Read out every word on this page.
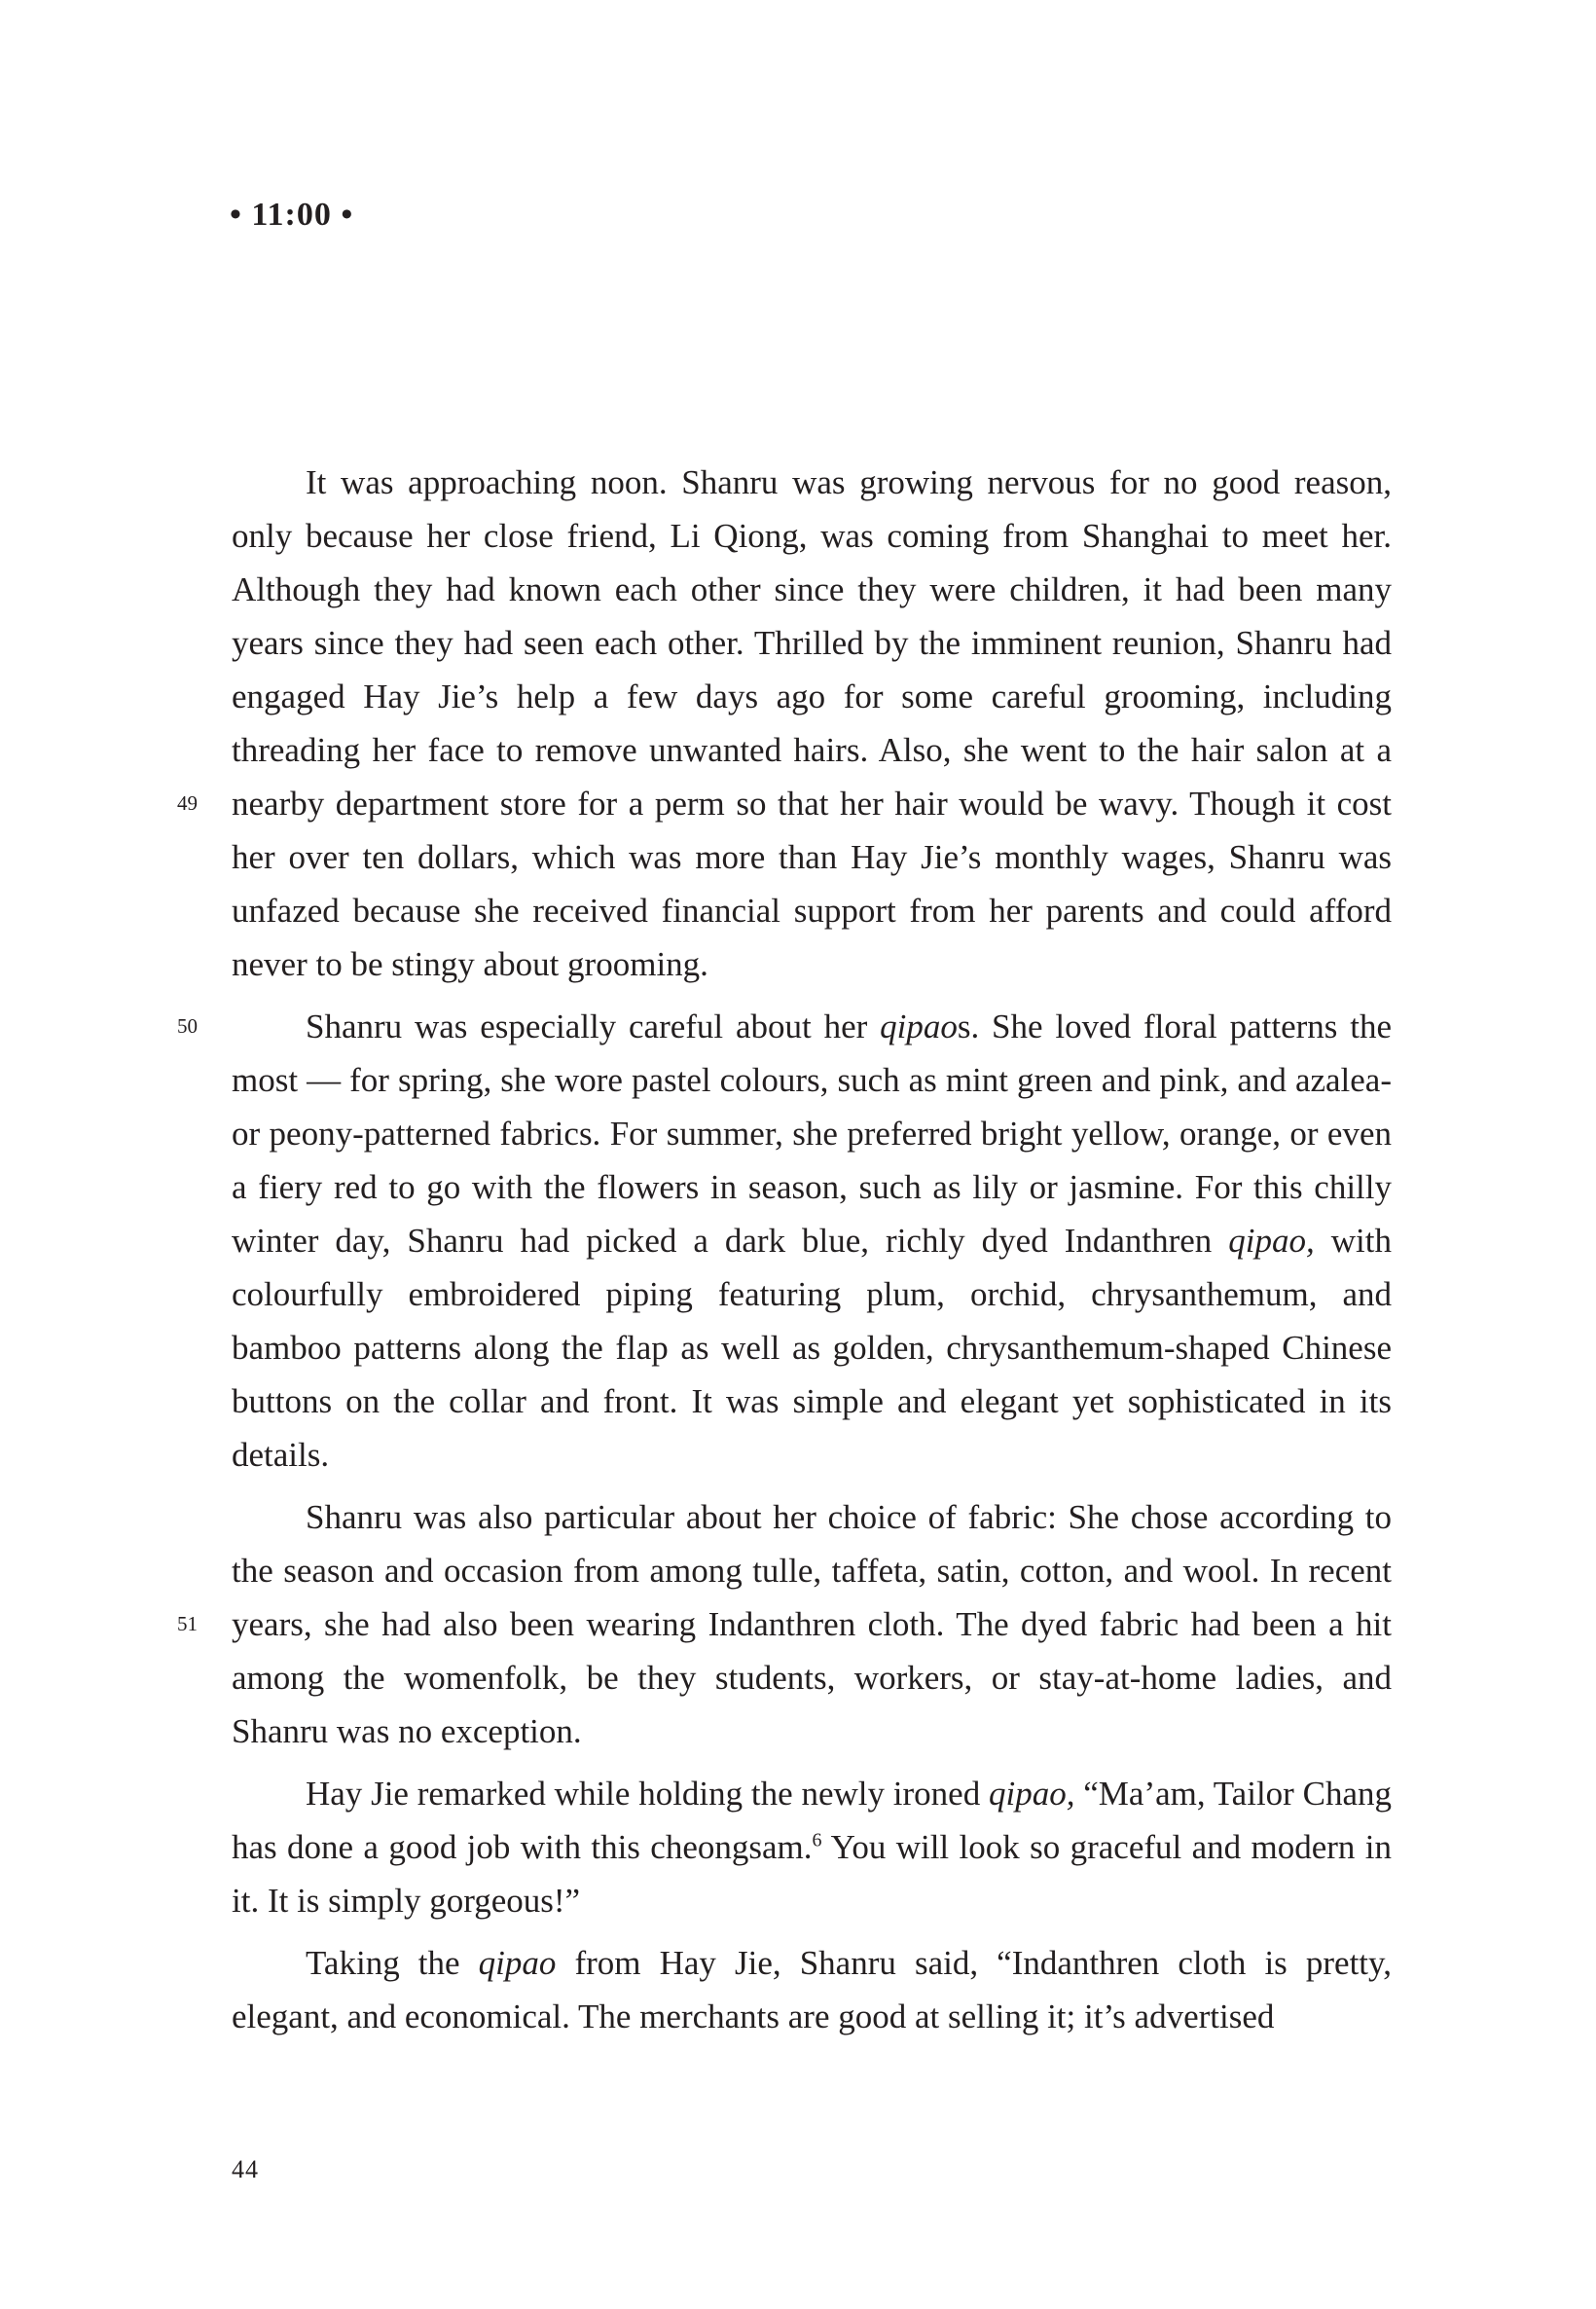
• 11:00 •

49
It was approaching noon. Shanru was growing nervous for no good reason, only because her close friend, Li Qiong, was coming from Shanghai to meet her. Although they had known each other since they were children, it had been many years since they had seen each other. Thrilled by the imminent reunion, Shanru had engaged Hay Jie’s help a few days ago for some careful grooming, including threading her face to remove unwanted hairs. Also, she went to the hair salon at a nearby department store for a perm so that her hair would be wavy. Though it cost her over ten dollars, which was more than Hay Jie’s monthly wages, Shanru was unfazed because she received financial support from her parents and could afford never to be stingy about grooming.

50	Shanru was especially careful about her qipaos. She loved floral patterns the most — for spring, she wore pastel colours, such as mint green and pink, and azalea- or peony-patterned fabrics. For summer, she preferred bright yellow, orange, or even a fiery red to go with the flowers in season, such as lily or jasmine. For this chilly winter day, Shanru had picked a dark blue, richly dyed Indanthren qipao, with colourfully embroidered piping featuring plum, orchid, chrysanthemum, and bamboo patterns along the flap as well as golden, chrysanthemum-shaped Chinese buttons on the collar and front. It was simple and elegant yet sophisticated in its details.

51
Shanru was also particular about her choice of fabric: She chose according to the season and occasion from among tulle, taffeta, satin, cotton, and wool. In recent years, she had also been wearing Indanthren cloth. The dyed fabric had been a hit among the womenfolk, be they students, workers, or stay-at-home ladies, and Shanru was no exception.

Hay Jie remarked while holding the newly ironed qipao, “Ma’am, Tailor Chang has done a good job with this cheongsam.$^6$ You will look so graceful and modern in it. It is simply gorgeous!”

Taking the qipao from Hay Jie, Shanru said, “Indanthren cloth is pretty, elegant, and economical. The merchants are good at selling it; it’s advertised

44
